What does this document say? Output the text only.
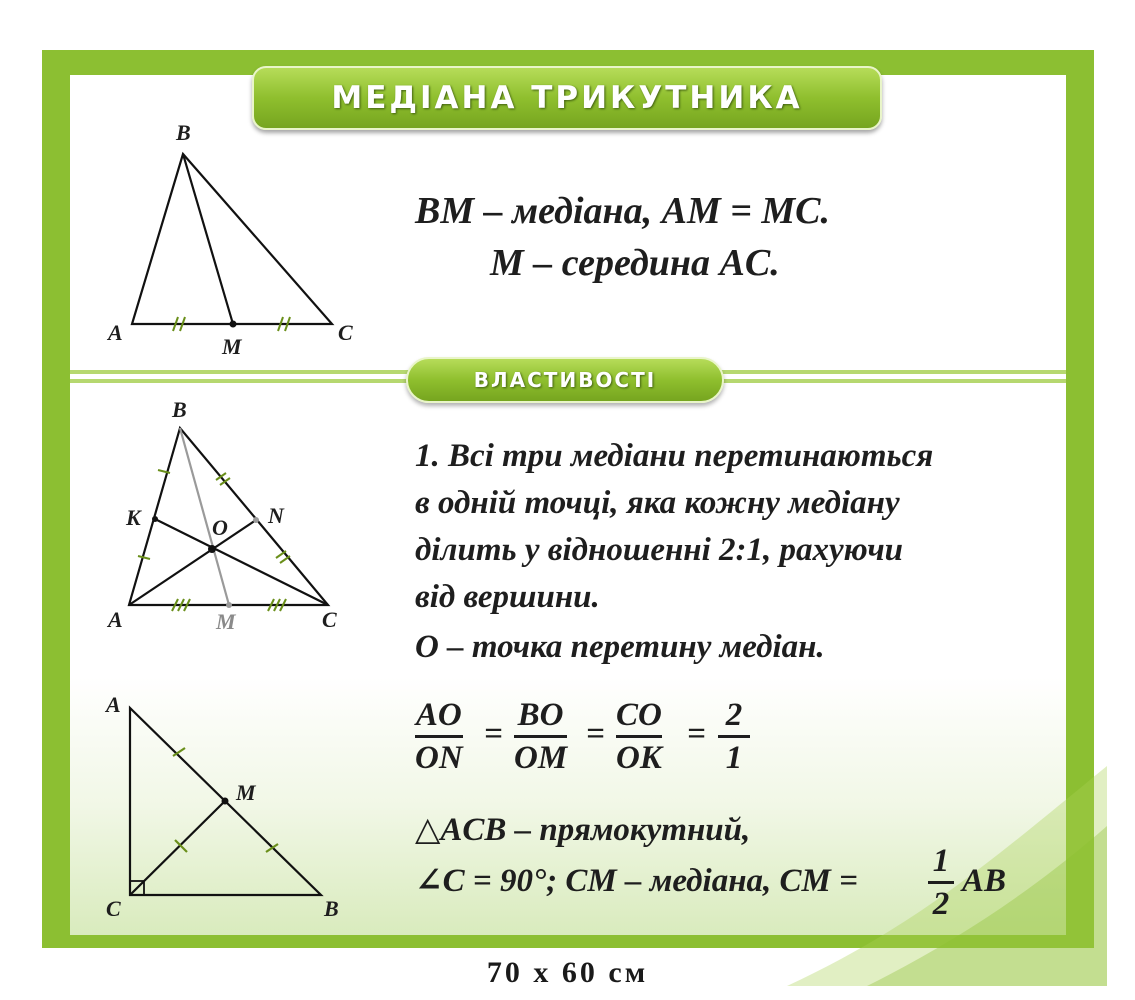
МЕДІАНА ТРИКУТНИКА
B
A	C
M
BM – медіана, AM = MC.
M – середина AC.
ВЛАСТИВОСТІ
B
A	C
M
K	N
O
1. Всі три медіани перетинаються
в одній точці, яка кожну медіану
ділить у відношенні 2:1, рахуючи
від вершини.
O – точка перетину медіан.
AO
ON
=
BO
OM
=
CO
OK
=
2
1
A
C	B
M
△ACB – прямокутний,
∠C = 90°; CM – медіана, CM =
1
2
AB
70 x 60 см
